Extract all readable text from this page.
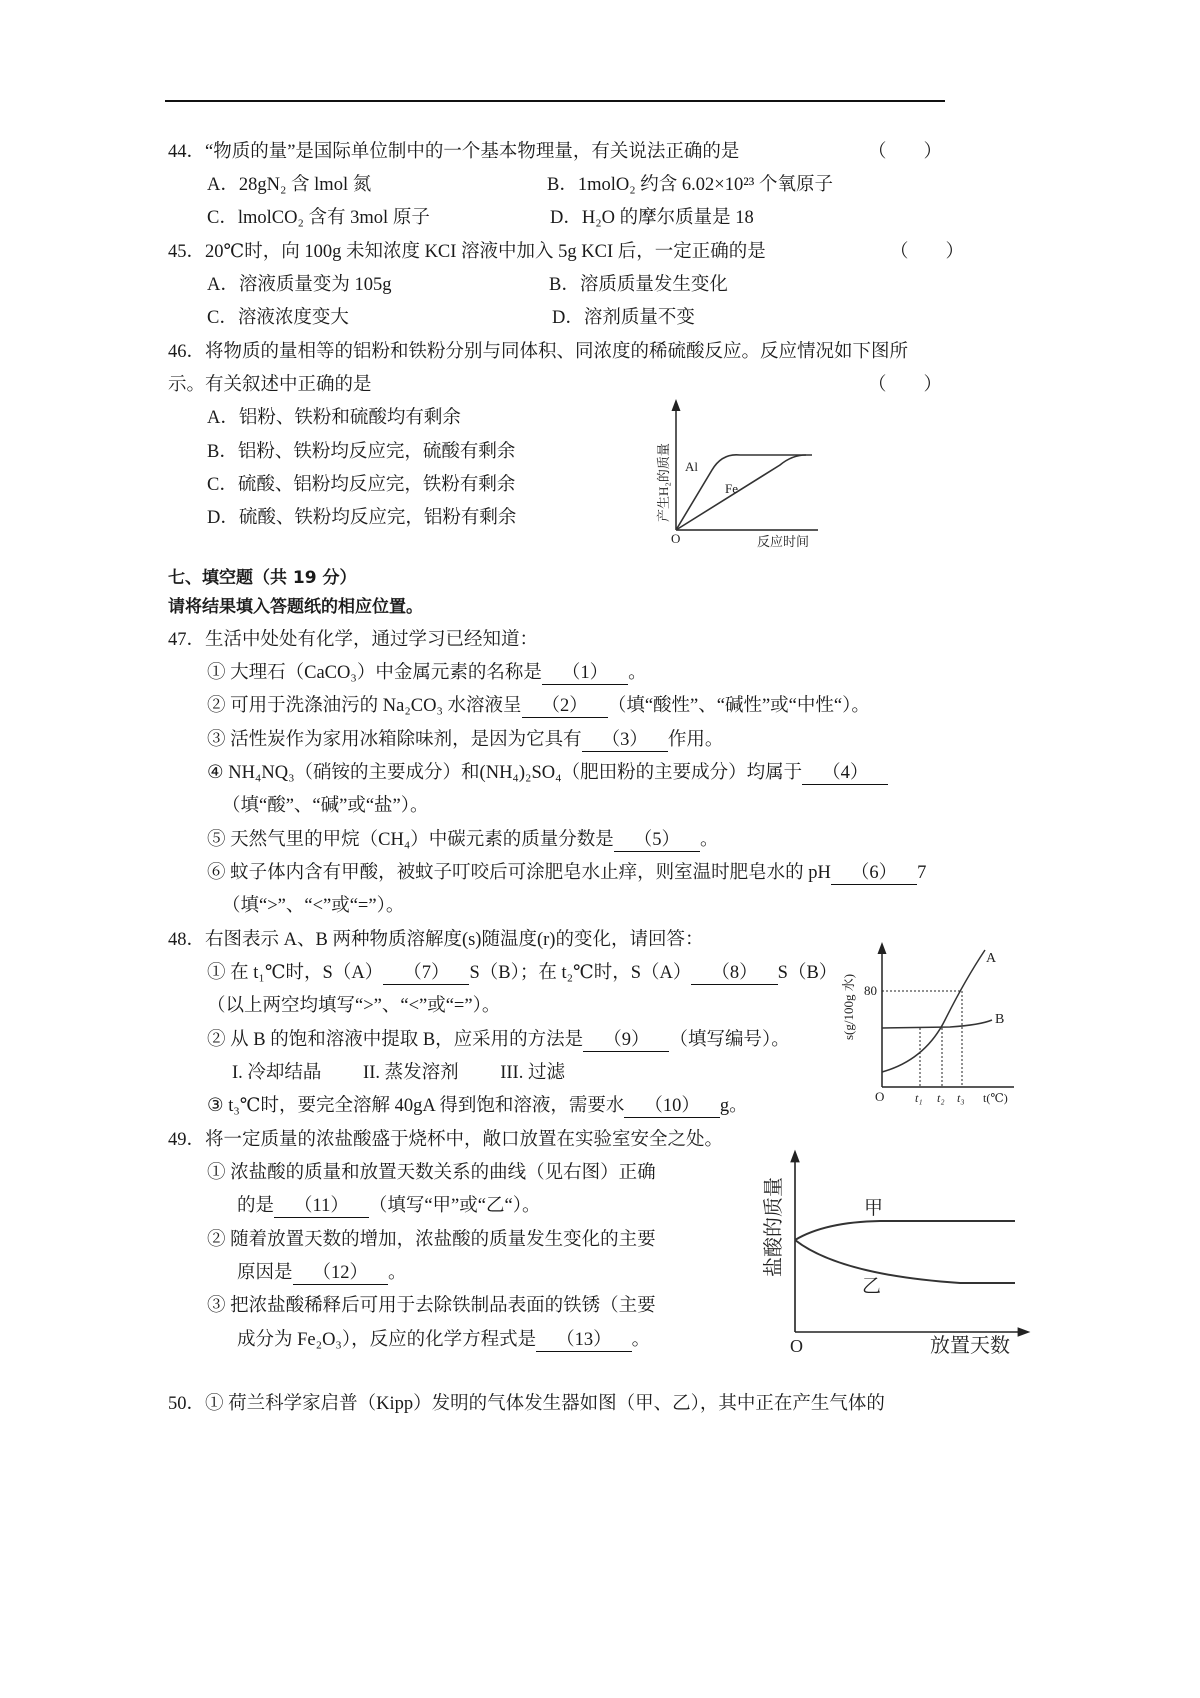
44．“物质的量”是国际单位制中的一个基本物理量，有关说法正确的是
A．28gN₂ 含 lmol 氮	B．1molO₂ 约含 6.02×10²³ 个氧原子
C．lmolCO₂ 含有 3mol 原子	D．H₂O 的摩尔质量是 18
45．20℃时，向 100g 未知浓度 KCI 溶液中加入 5g KCI 后，一定正确的是
A．溶液质量变为 105g	B．溶质质量发生变化
C．溶液浓度变大	D．溶剂质量不变
46．将物质的量相等的铝粉和铁粉分别与同体积、同浓度的稀硫酸反应。反应情况如下图所
示。有关叙述中正确的是
A．铝粉、铁粉和硫酸均有剩余
B．铝粉、铁粉均反应完，硫酸有剩余
C．硫酸、铝粉均反应完，铁粉有剩余
D．硫酸、铁粉均反应完，铝粉有剩余
七、填空题（共 19 分）
请将结果填入答题纸的相应位置。
47．生活中处处有化学，通过学习已经知道：
① 大理石（CaCO₃）中金属元素的名称是 （1） 。
② 可用于洗涤油污的 Na₂CO₃ 水溶液呈 （2） （填“酸性”、“碱性”或“中性“）。
③ 活性炭作为家用冰箱除味剂，是因为它具有 （3） 作用。
④ NH₄NQ₃（硝铵的主要成分）和(NH₄)₂SO₄（肥田粉的主要成分）均属于 （4）
（填“酸”、“碱”或“盐”）。
⑤ 天然气里的甲烷（CH₄）中碳元素的质量分数是 （5） 。
⑥ 蚊子体内含有甲酸，被蚊子叮咬后可涂肥皂水止痒，则室温时肥皂水的 pH （6） 7
（填“>”、“<”或“=”）。
48．右图表示 A、B 两种物质溶解度(s)随温度(r)的变化，请回答：
① 在 t₁℃时，S（A） （7） S（B）；在 t₂℃时，S（A） （8） S（B）
（以上两空均填写“>”、“<”或“=”）。
② 从 B 的饱和溶液中提取 B，应采用的方法是 （9） （填写编号）。
I. 冷却结晶　　 II. 蒸发溶剂　　 III. 过滤
③ t₃℃时，要完全溶解 40gA 得到饱和溶液，需要水 （10） g。
49．将一定质量的浓盐酸盛于烧杯中，敞口放置在实验室安全之处。
① 浓盐酸的质量和放置天数关系的曲线（见右图）正确
的是 （11） （填写“甲”或“乙“）。
② 随着放置天数的增加，浓盐酸的质量发生变化的主要
原因是 （12） 。
③ 把浓盐酸稀释后可用于去除铁制品表面的铁锈（主要
成分为 Fe₂O₃），反应的化学方程式是 （13） 。
50．① 荷兰科学家启普（Kipp）发明的气体发生器如图（甲、乙），其中正在产生气体的
（　　）
（　　）
（　　）
Al
Fe
O	反应时间
产生H₂的质量
A
B
80
O	t₁ t₂ t₃ t(℃)
s(g/100g 水)
甲
乙
O	放置天数
盐酸的质量
